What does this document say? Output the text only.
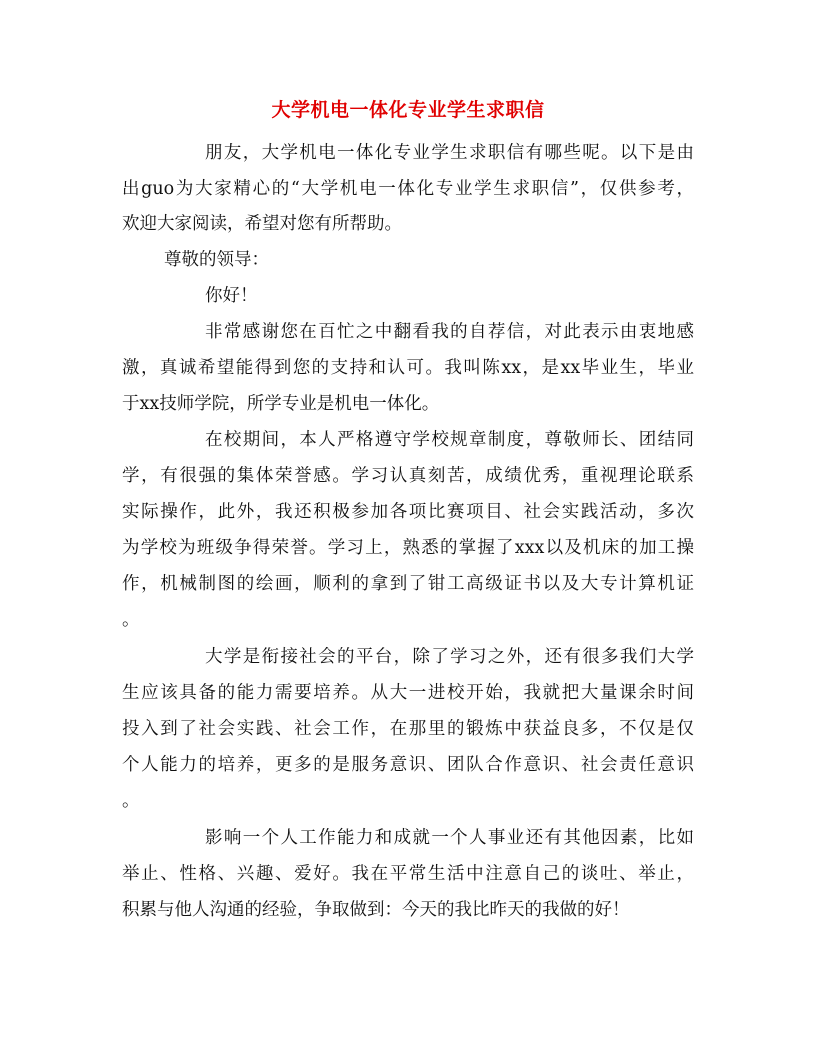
大学机电一体化专业学生求职信
朋友，大学机电一体化专业学生求职信有哪些呢。以下是由
出guo为大家精心的“大学机电一体化专业学生求职信”，仅供参考，
欢迎大家阅读，希望对您有所帮助。
尊敬的领导：
你好！
非常感谢您在百忙之中翻看我的自荐信，对此表示由衷地感
激，真诚希望能得到您的支持和认可。我叫陈xx，是xx毕业生，毕业
于xx技师学院，所学专业是机电一体化。
在校期间，本人严格遵守学校规章制度，尊敬师长、团结同
学，有很强的集体荣誉感。学习认真刻苦，成绩优秀，重视理论联系
实际操作，此外，我还积极参加各项比赛项目、社会实践活动，多次
为学校为班级争得荣誉。学习上，熟悉的掌握了xxx以及机床的加工操
作，机械制图的绘画，顺利的拿到了钳工高级证书以及大专计算机证
。
大学是衔接社会的平台，除了学习之外，还有很多我们大学
生应该具备的能力需要培养。从大一进校开始，我就把大量课余时间
投入到了社会实践、社会工作，在那里的锻炼中获益良多，不仅是仅
个人能力的培养，更多的是服务意识、团队合作意识、社会责任意识
。
影响一个人工作能力和成就一个人事业还有其他因素，比如
举止、性格、兴趣、爱好。我在平常生活中注意自己的谈吐、举止，
积累与他人沟通的经验，争取做到：今天的我比昨天的我做的好！
